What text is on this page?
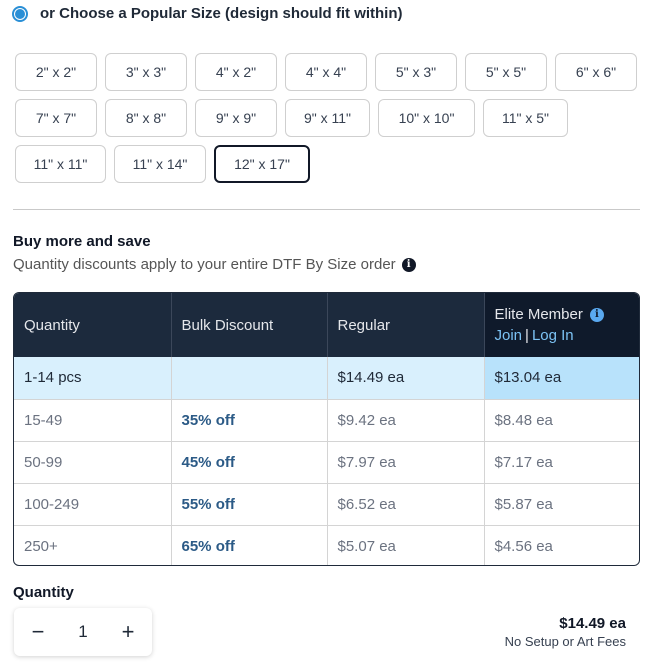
or Choose a Popular Size (design should fit within)
2" x 2"	3" x 3"	4" x 2"	4" x 4"	5" x 3"	5" x 5"	6" x 6"
7" x 7"	8" x 8"	9" x 9"	9" x 11"	10" x 10"	11" x 5"
11" x 11"	11" x 14"	12" x 17"
Buy more and save
Quantity discounts apply to your entire DTF By Size order	i
Quantity	Bulk Discount	Regular	Elite Member i
Join | Log In

1-14 pcs		$14.49 ea	$13.04 ea
15-49	35% off	$9.42 ea	$8.48 ea
50-99	45% off	$7.97 ea	$7.17 ea
100-249	55% off	$6.52 ea	$5.87 ea
250+	65% off	$5.07 ea	$4.56 ea
Quantity
− 1 +	$14.49 ea
No Setup or Art Fees
